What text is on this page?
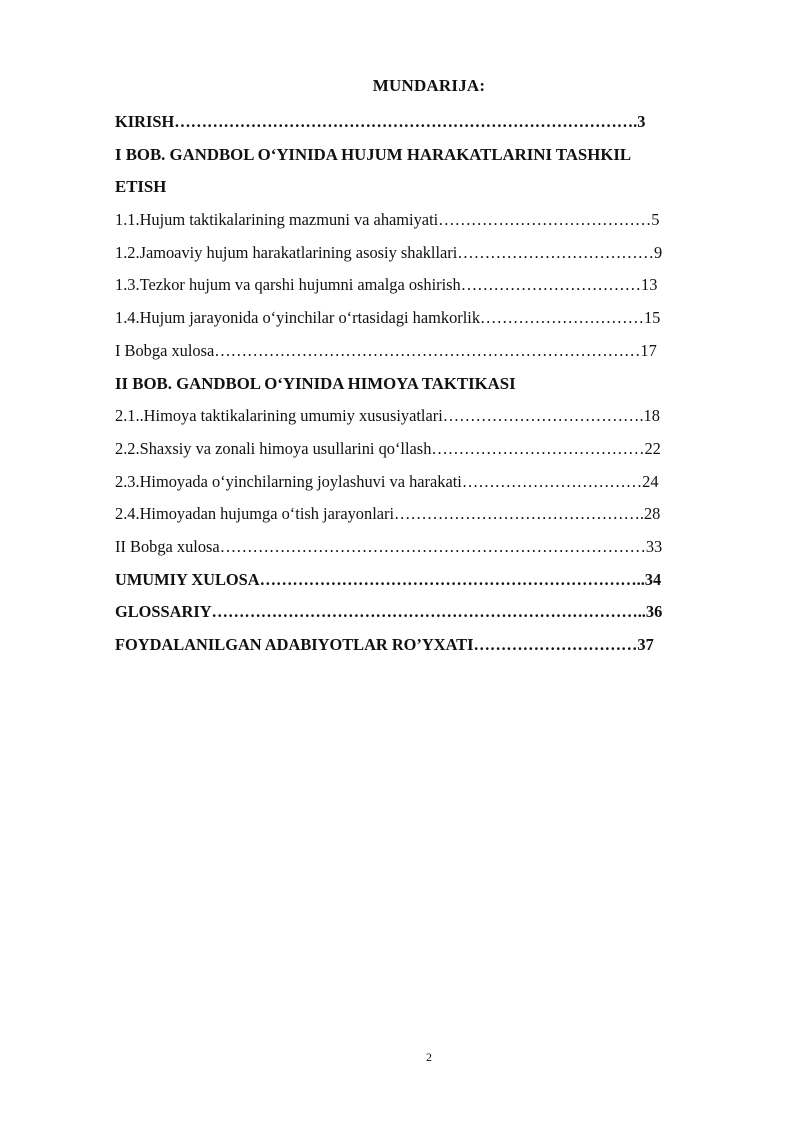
MUNDARIJA:
KIRISH………………………………………………………………………….3
I BOB. GANDBOL O‘YINIDA HUJUM HARAKATLARINI TASHKIL
ETISH
1.1.Hujum taktikalarining mazmuni va ahamiyati…………………………………5
1.2.Jamoaviy hujum harakatlarining asosiy shakllari………………………………9
1.3.Tezkor hujum va qarshi hujumni amalga oshirish……………………………13
1.4.Hujum jarayonida o‘yinchilar o‘rtasidagi hamkorlik…………………………15
I Bobga xulosa……………………………………………………………………17
II BOB. GANDBOL O‘YINIDA HIMOYA TAKTIKASI
2.1..Himoya taktikalarining umumiy xususiyatlari……………………………….18
2.2.Shaxsiy va zonali himoya usullarini qo‘llash…………………………………22
2.3.Himoyada o‘yinchilarning joylashuvi va harakati……………………………24
2.4.Himoyadan hujumga o‘tish jarayonlari……………………………………….28
II Bobga xulosa……………………………………………………………………33
UMUMIY XULOSA……………………………………………………………..34
GLOSSARIY……………………………………………………………………..36
FOYDALANILGAN ADABIYOTLAR RO’YXATI…………………………37
2
